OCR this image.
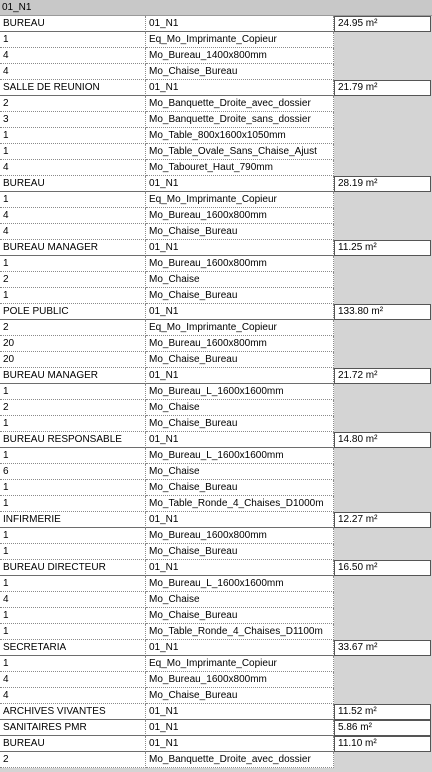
01_N1
BUREAU	01_N1	24.95 m²
1	Eq_Mo_Imprimante_Copieur
4	Mo_Bureau_1400x800mm
4	Mo_Chaise_Bureau
SALLE DE REUNION	01_N1	21.79 m²
2	Mo_Banquette_Droite_avec_dossier
3	Mo_Banquette_Droite_sans_dossier
1	Mo_Table_800x1600x1050mm
1	Mo_Table_Ovale_Sans_Chaise_Ajust
4	Mo_Tabouret_Haut_790mm
BUREAU	01_N1	28.19 m²
1	Eq_Mo_Imprimante_Copieur
4	Mo_Bureau_1600x800mm
4	Mo_Chaise_Bureau
BUREAU MANAGER	01_N1	11.25 m²
1	Mo_Bureau_1600x800mm
2	Mo_Chaise
1	Mo_Chaise_Bureau
POLE PUBLIC	01_N1	133.80 m²
2	Eq_Mo_Imprimante_Copieur
20	Mo_Bureau_1600x800mm
20	Mo_Chaise_Bureau
BUREAU MANAGER	01_N1	21.72 m²
1	Mo_Bureau_L_1600x1600mm
2	Mo_Chaise
1	Mo_Chaise_Bureau
BUREAU RESPONSABLE	01_N1	14.80 m²
1	Mo_Bureau_L_1600x1600mm
6	Mo_Chaise
1	Mo_Chaise_Bureau
1	Mo_Table_Ronde_4_Chaises_D1000m
INFIRMERIE	01_N1	12.27 m²
1	Mo_Bureau_1600x800mm
1	Mo_Chaise_Bureau
BUREAU DIRECTEUR	01_N1	16.50 m²
1	Mo_Bureau_L_1600x1600mm
4	Mo_Chaise
1	Mo_Chaise_Bureau
1	Mo_Table_Ronde_4_Chaises_D1100m
SECRETARIA	01_N1	33.67 m²
1	Eq_Mo_Imprimante_Copieur
4	Mo_Bureau_1600x800mm
4	Mo_Chaise_Bureau
ARCHIVES VIVANTES	01_N1	11.52 m²
SANITAIRES PMR	01_N1	5.86 m²
BUREAU	01_N1	11.10 m²
2	Mo_Banquette_Droite_avec_dossier
